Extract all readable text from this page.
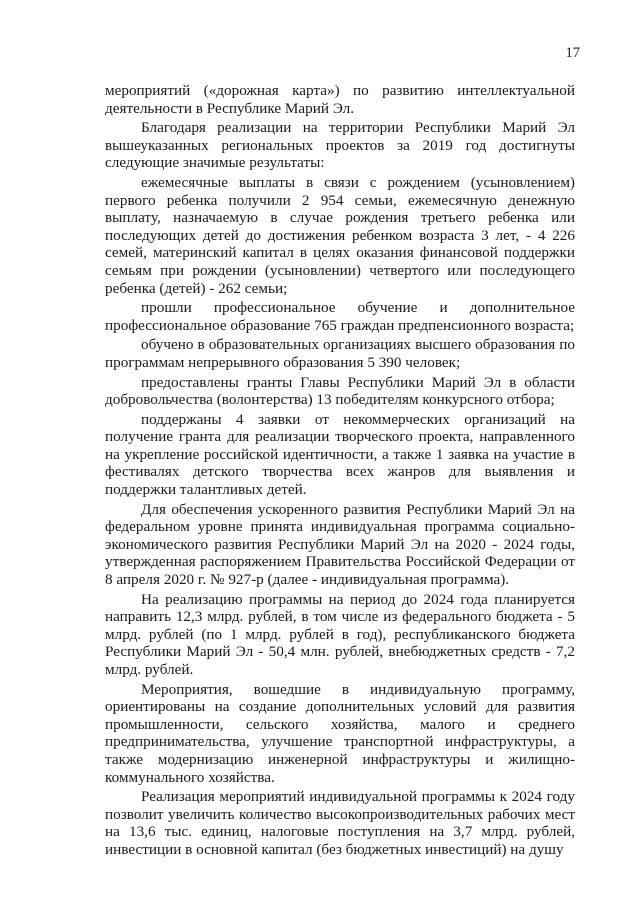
17

мероприятий («дорожная карта») по развитию интеллектуальной деятельности в Республике Марий Эл.

Благодаря реализации на территории Республики Марий Эл вышеуказанных региональных проектов за 2019 год достигнуты следующие значимые результаты:

ежемесячные выплаты в связи с рождением (усыновлением) первого ребенка получили 2 954 семьи, ежемесячную денежную выплату, назначаемую в случае рождения третьего ребенка или последующих детей до достижения ребенком возраста 3 лет, - 4 226 семей, материнский капитал в целях оказания финансовой поддержки семьям при рождении (усыновлении) четвертого или последующего ребенка (детей) - 262 семьи;

прошли профессиональное обучение и дополнительное профессиональное образование 765 граждан предпенсионного возраста;

обучено в образовательных организациях высшего образования по программам непрерывного образования 5 390 человек;

предоставлены гранты Главы Республики Марий Эл в области добровольчества (волонтерства) 13 победителям конкурсного отбора;

поддержаны 4 заявки от некоммерческих организаций на получение гранта для реализации творческого проекта, направленного на укрепление российской идентичности, а также 1 заявка на участие в фестивалях детского творчества всех жанров для выявления и поддержки талантливых детей.

Для обеспечения ускоренного развития Республики Марий Эл на федеральном уровне принята индивидуальная программа социально-экономического развития Республики Марий Эл на 2020 - 2024 годы, утвержденная распоряжением Правительства Российской Федерации от 8 апреля 2020 г. № 927-р (далее - индивидуальная программа).

На реализацию программы на период до 2024 года планируется направить 12,3 млрд. рублей, в том числе из федерального бюджета - 5 млрд. рублей (по 1 млрд. рублей в год), республиканского бюджета Республики Марий Эл - 50,4 млн. рублей, внебюджетных средств - 7,2 млрд. рублей.

Мероприятия, вошедшие в индивидуальную программу, ориентированы на создание дополнительных условий для развития промышленности, сельского хозяйства, малого и среднего предпринимательства, улучшение транспортной инфраструктуры, а также модернизацию инженерной инфраструктуры и жилищно-коммунального хозяйства.

Реализация мероприятий индивидуальной программы к 2024 году позволит увеличить количество высокопроизводительных рабочих мест на 13,6 тыс. единиц, налоговые поступления на 3,7 млрд. рублей, инвестиции в основной капитал (без бюджетных инвестиций) на душу
